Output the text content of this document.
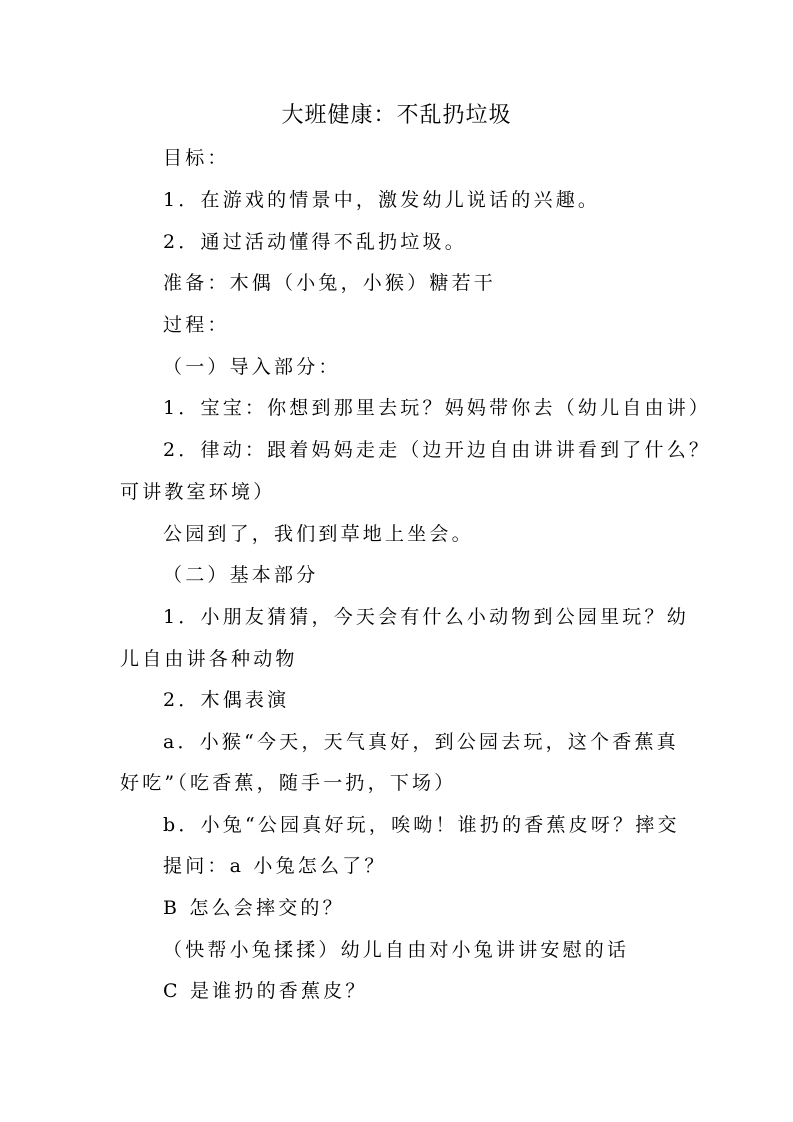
大班健康：不乱扔垃圾
目标：
1．在游戏的情景中，激发幼儿说话的兴趣。
2．通过活动懂得不乱扔垃圾。
准备：木偶（小兔，小猴）糖若干
过程：
（一）导入部分：
1．宝宝：你想到那里去玩？妈妈带你去（幼儿自由讲）
2．律动：跟着妈妈走走（边开边自由讲讲看到了什么？
可讲教室环境）
公园到了，我们到草地上坐会。
（二）基本部分
1．小朋友猜猜，今天会有什么小动物到公园里玩？幼
儿自由讲各种动物
2．木偶表演
a．小猴“今天，天气真好，到公园去玩，这个香蕉真
好吃”（吃香蕉，随手一扔，下场）
b．小兔“公园真好玩，唉呦！谁扔的香蕉皮呀？摔交
提问：a 小兔怎么了？
B 怎么会摔交的？
（快帮小兔揉揉）幼儿自由对小兔讲讲安慰的话
C 是谁扔的香蕉皮？
